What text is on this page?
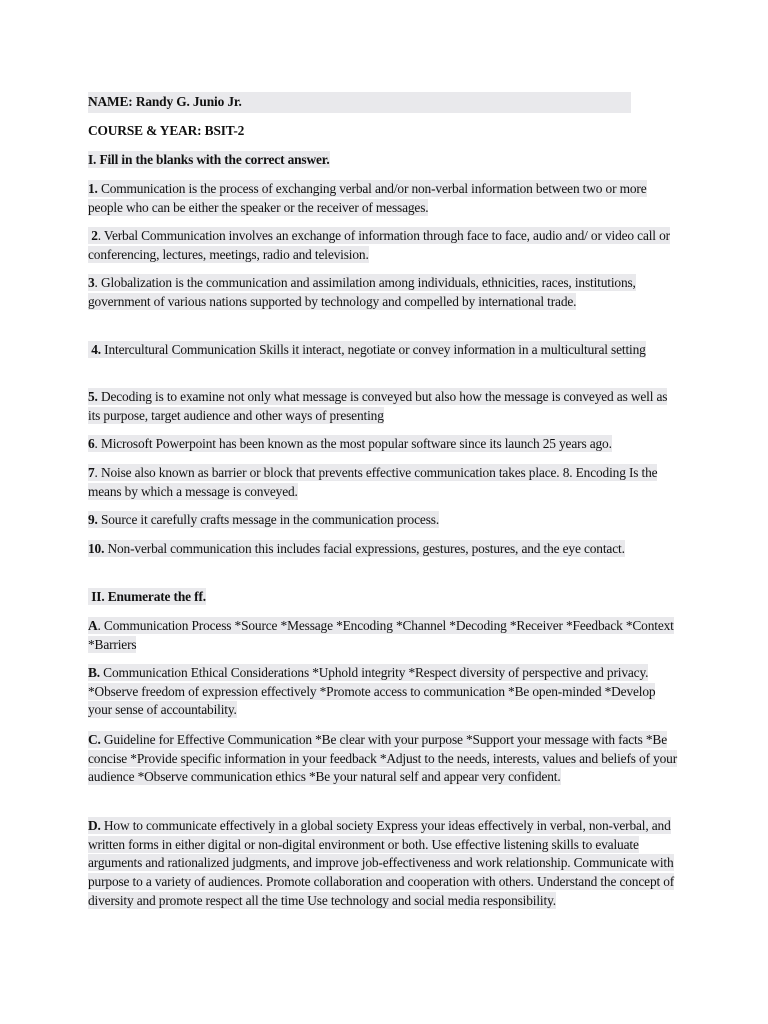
NAME: Randy G. Junio Jr.
COURSE & YEAR: BSIT-2
I. Fill in the blanks with the correct answer.
1. Communication is the process of exchanging verbal and/or non-verbal information between two or more people who can be either the speaker or the receiver of messages.
2. Verbal Communication involves an exchange of information through face to face, audio and/ or video call or conferencing, lectures, meetings, radio and television.
3. Globalization is the communication and assimilation among individuals, ethnicities, races, institutions, government of various nations supported by technology and compelled by international trade.
4. Intercultural Communication Skills it interact, negotiate or convey information in a multicultural setting
5. Decoding is to examine not only what message is conveyed but also how the message is conveyed as well as its purpose, target audience and other ways of presenting
6. Microsoft Powerpoint has been known as the most popular software since its launch 25 years ago.
7. Noise also known as barrier or block that prevents effective communication takes place. 8. Encoding Is the means by which a message is conveyed.
9. Source it carefully crafts message in the communication process.
10. Non-verbal communication this includes facial expressions, gestures, postures, and the eye contact.
II. Enumerate the ff.
A. Communication Process *Source *Message *Encoding *Channel *Decoding *Receiver *Feedback *Context *Barriers
B. Communication Ethical Considerations *Uphold integrity *Respect diversity of perspective and privacy. *Observe freedom of expression effectively *Promote access to communication *Be open-minded *Develop your sense of accountability.
C. Guideline for Effective Communication *Be clear with your purpose *Support your message with facts *Be concise *Provide specific information in your feedback *Adjust to the needs, interests, values and beliefs of your audience *Observe communication ethics *Be your natural self and appear very confident.
D. How to communicate effectively in a global society Express your ideas effectively in verbal, non-verbal, and written forms in either digital or non-digital environment or both. Use effective listening skills to evaluate arguments and rationalized judgments, and improve job-effectiveness and work relationship. Communicate with purpose to a variety of audiences. Promote collaboration and cooperation with others. Understand the concept of diversity and promote respect all the time Use technology and social media responsibility.
